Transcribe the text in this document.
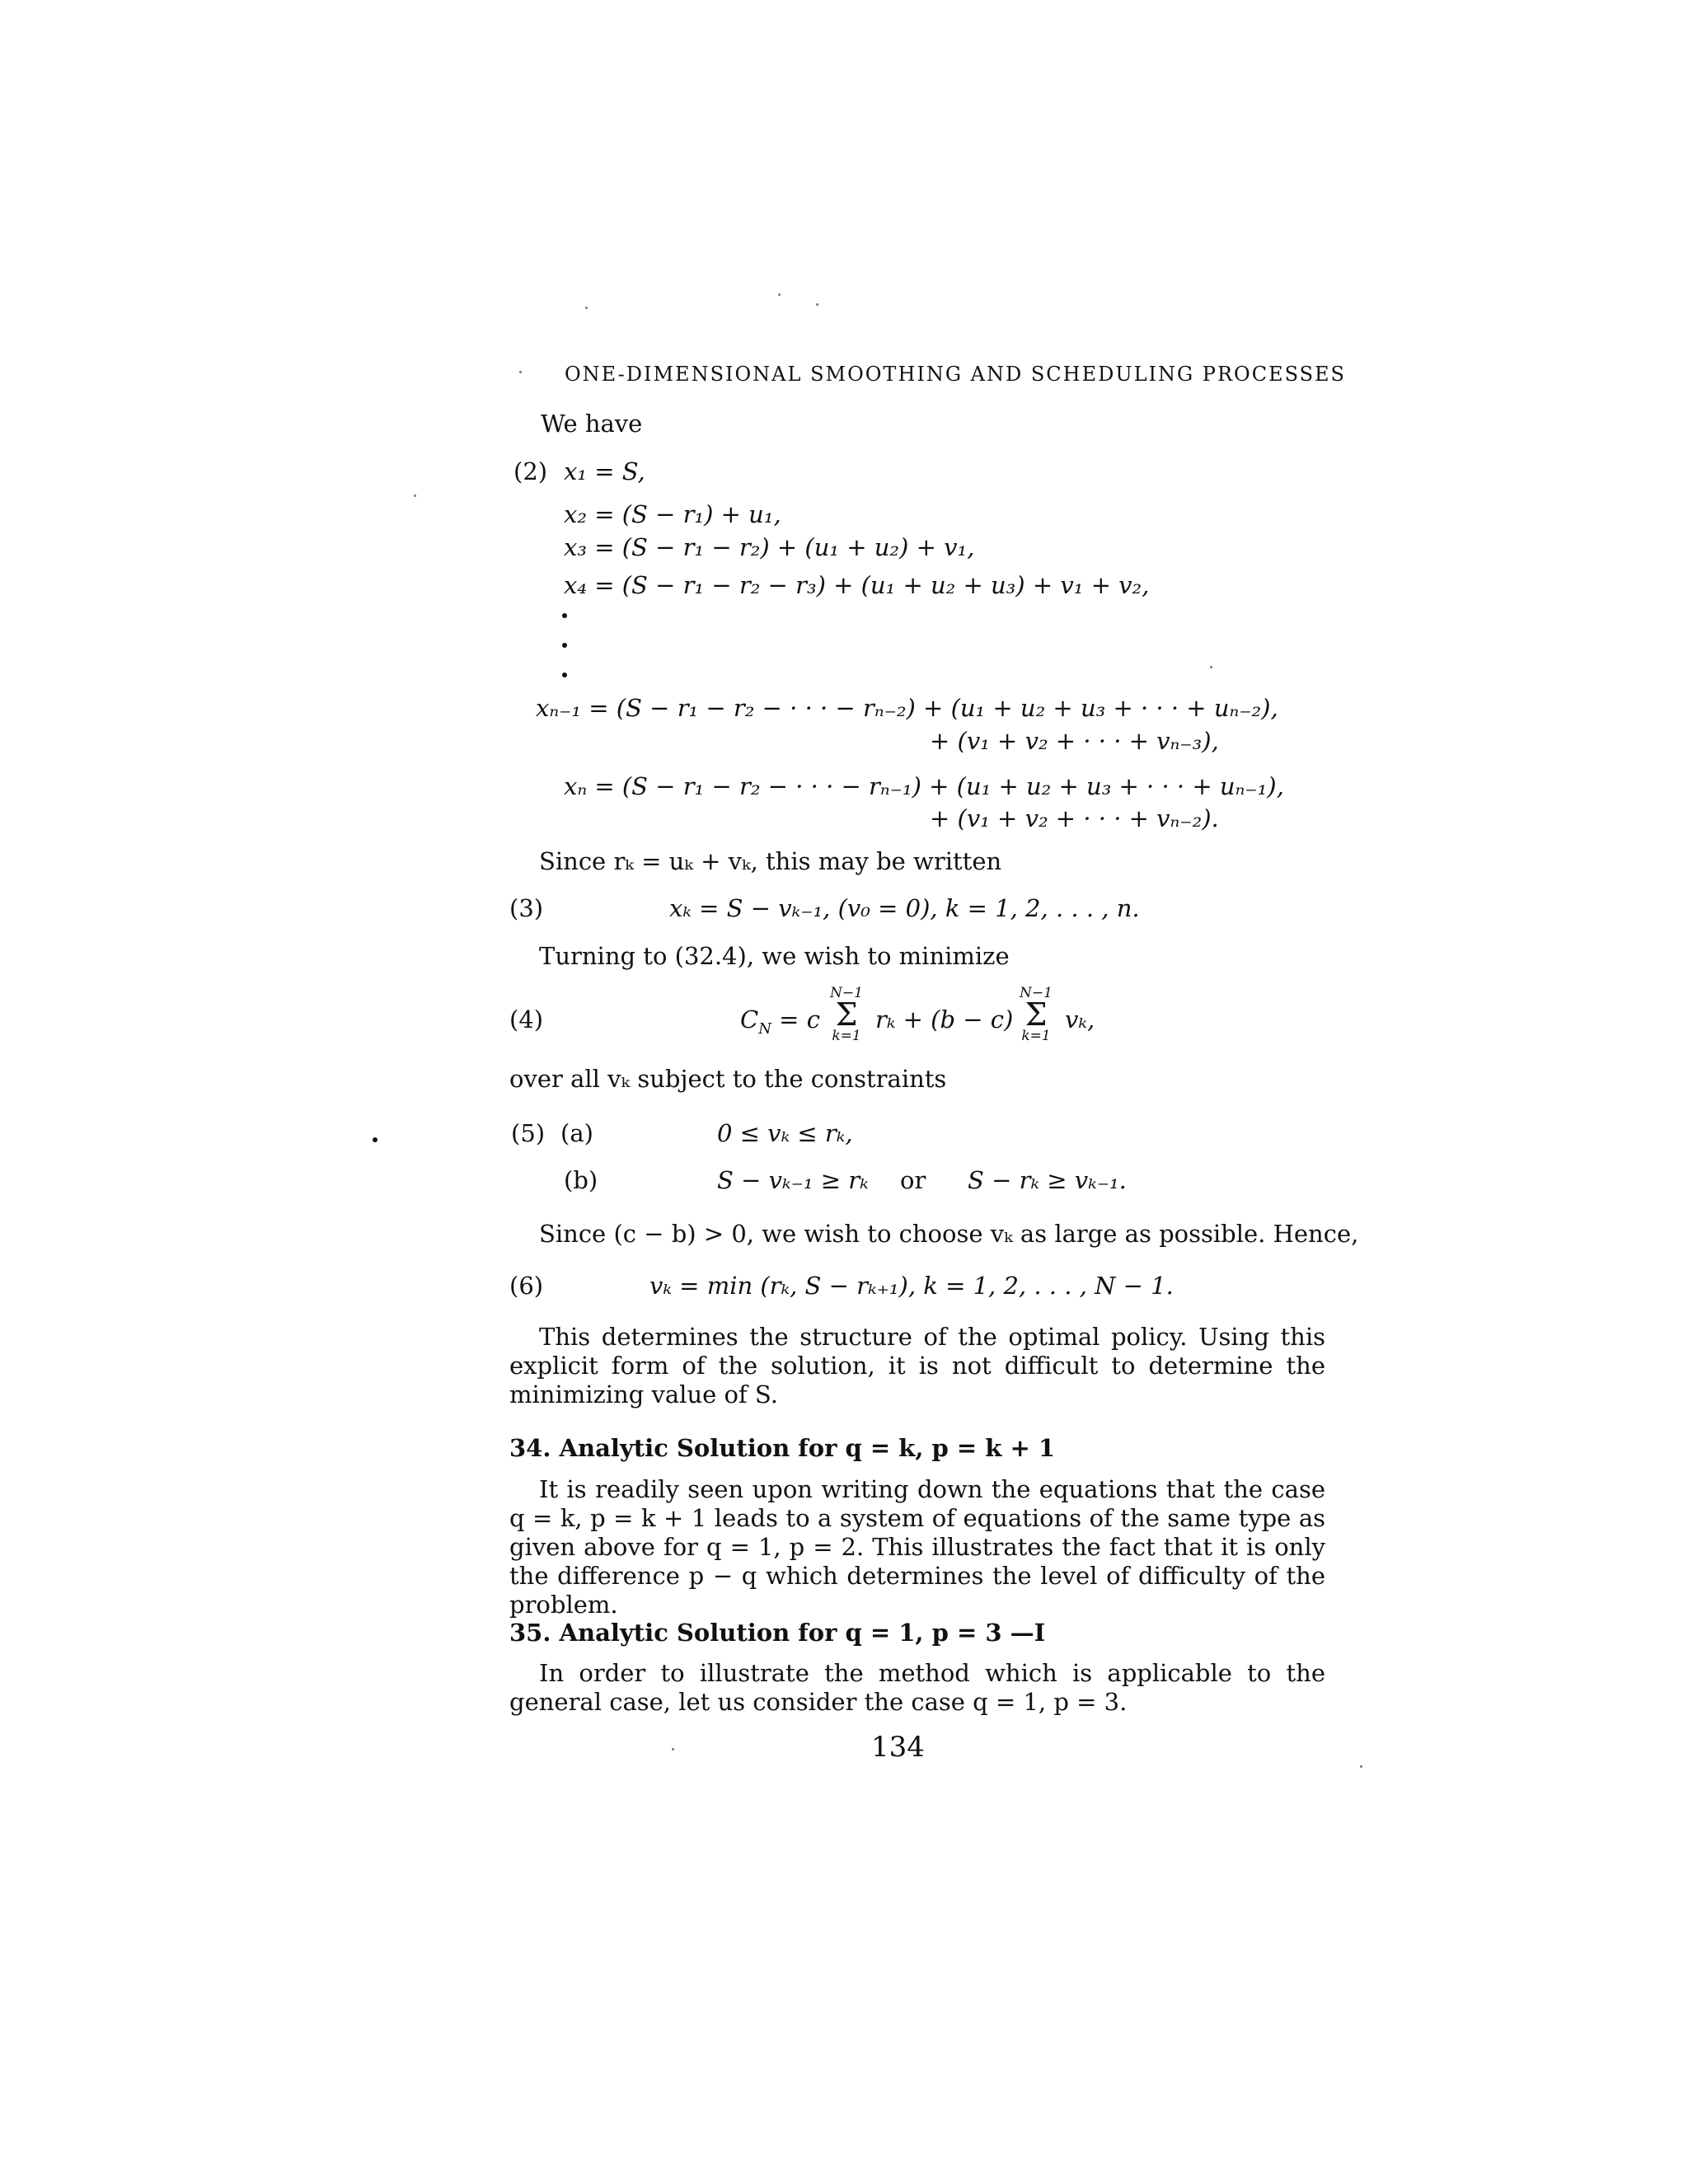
ONE-DIMENSIONAL SMOOTHING AND SCHEDULING PROCESSES
We have
(2) x₁ = S,
x₂ = (S − r₁) + u₁,
x₃ = (S − r₁ − r₂) + (u₁ + u₂) + v₁,
x₄ = (S − r₁ − r₂ − r₃) + (u₁ + u₂ + u₃) + v₁ + v₂,
xₙ₋₁ = (S − r₁ − r₂ − · · · − rₙ₋₂) + (u₁ + u₂ + u₃ + · · · + uₙ₋₂),
+ (v₁ + v₂ + · · · + vₙ₋₃),
xₙ = (S − r₁ − r₂ − · · · − rₙ₋₁) + (u₁ + u₂ + u₃ + · · · + uₙ₋₁),
+ (v₁ + v₂ + · · · + vₙ₋₂).
Since rₖ = uₖ + vₖ, this may be written
(3)	xₖ = S − vₖ₋₁, (v₀ = 0), k = 1, 2, . . . , n.
Turning to (32.4), we wish to minimize
(4)	$C_N = c$
N−1
Σ
k=1
rₖ + (b − c)
N−1
Σ
k=1
vₖ,
over all vₖ subject to the constraints
(5) (a)	0 ≤ vₖ ≤ rₖ,
(b)	S − vₖ₋₁ ≥ rₖ or S − rₖ ≥ vₖ₋₁.
Since (c − b) > 0, we wish to choose vₖ as large as possible. Hence,
(6)	vₖ = min (rₖ, S − rₖ₊₁), k = 1, 2, . . . , N − 1.
This determines the structure of the optimal policy. Using this explicit form of the solution, it is not difficult to determine the minimizing value of S.
34. Analytic Solution for q = k, p = k + 1
It is readily seen upon writing down the equations that the case q = k, p = k + 1 leads to a system of equations of the same type as given above for q = 1, p = 2. This illustrates the fact that it is only the difference p − q which determines the level of difficulty of the problem.
35. Analytic Solution for q = 1, p = 3 —I
In order to illustrate the method which is applicable to the general case, let us consider the case q = 1, p = 3.
134
